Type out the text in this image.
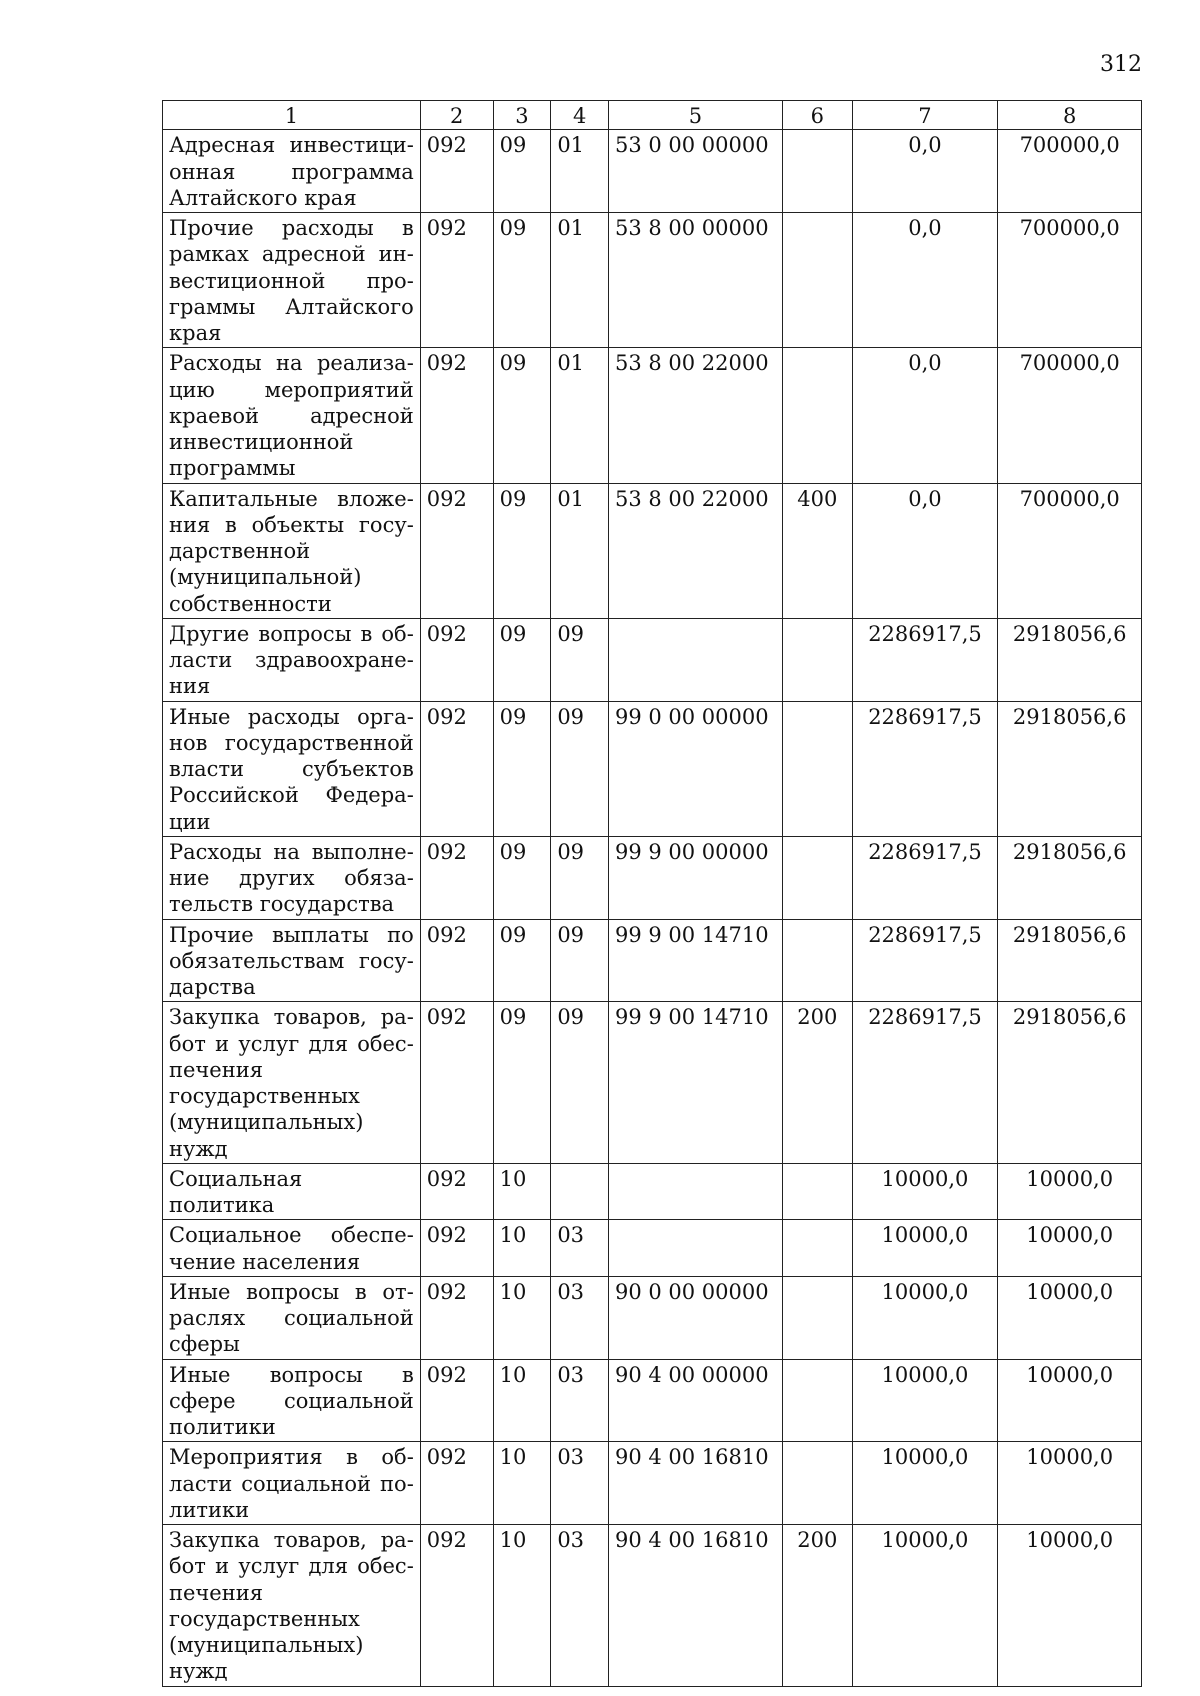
312
1	2	3	4	5	6	7	8
Адресная инвестиционная программа Алтайского края	092	09	01	53 0 00 00000		0,0	700000,0
Прочие расходы в рамках адресной инвестиционной программы Алтайского края	092	09	01	53 8 00 00000		0,0	700000,0
Расходы на реализацию мероприятий краевой адресной инвестиционной программы	092	09	01	53 8 00 22000		0,0	700000,0
Капитальные вложения в объекты государственной (муниципальной) собственности	092	09	01	53 8 00 22000	400	0,0	700000,0
Другие вопросы в области здравоохранения	092	09	09			2286917,5	2918056,6
Иные расходы органов государственной власти субъектов Российской Федерации	092	09	09	99 0 00 00000		2286917,5	2918056,6
Расходы на выполнение других обязательств государства	092	09	09	99 9 00 00000		2286917,5	2918056,6
Прочие выплаты по обязательствам государства	092	09	09	99 9 00 14710		2286917,5	2918056,6
Закупка товаров, работ и услуг для обеспечения государственных (муниципальных) нужд	092	09	09	99 9 00 14710	200	2286917,5	2918056,6
Социальная политика	092	10				10000,0	10000,0
Социальное обеспечение населения	092	10	03			10000,0	10000,0
Иные вопросы в отраслях социальной сферы	092	10	03	90 0 00 00000		10000,0	10000,0
Иные вопросы в сфере социальной политики	092	10	03	90 4 00 00000		10000,0	10000,0
Мероприятия в области социальной политики	092	10	03	90 4 00 16810		10000,0	10000,0
Закупка товаров, работ и услуг для обеспечения государственных (муниципальных) нужд	092	10	03	90 4 00 16810	200	10000,0	10000,0
